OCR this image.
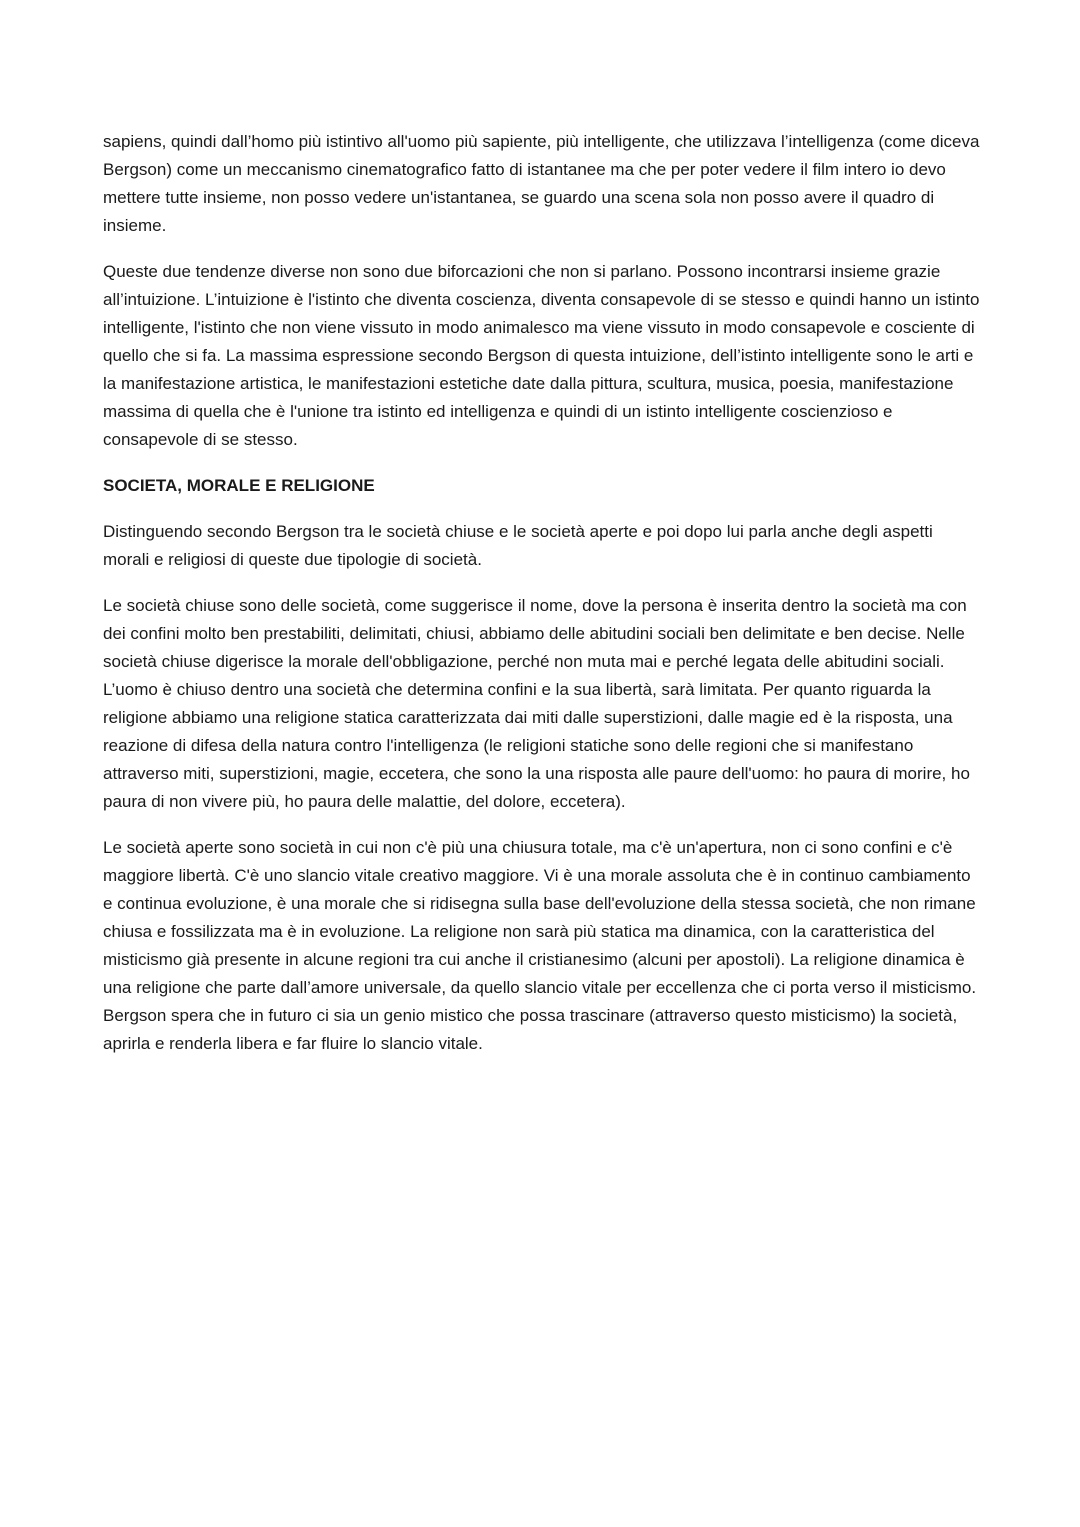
sapiens, quindi dall’homo più istintivo all'uomo più sapiente, più intelligente, che utilizzava l’intelligenza (come diceva Bergson) come un meccanismo cinematografico fatto di istantanee ma che per poter vedere il film intero io devo mettere tutte insieme, non posso vedere un'istantanea, se guardo una scena sola non posso avere il quadro di insieme.

Queste due tendenze diverse non sono due biforcazioni che non si parlano. Possono incontrarsi insieme grazie all’intuizione. L’intuizione è l'istinto che diventa coscienza, diventa consapevole di se stesso e quindi hanno un istinto intelligente, l'istinto che non viene vissuto in modo animalesco ma viene vissuto in modo consapevole e cosciente di quello che si fa. La massima espressione secondo Bergson di questa intuizione, dell’istinto intelligente sono le arti e la manifestazione artistica, le manifestazioni estetiche date dalla pittura, scultura, musica, poesia, manifestazione massima di quella che è l'unione tra istinto ed intelligenza e quindi di un istinto intelligente coscienzioso e consapevole di se stesso.

SOCIETA, MORALE E RELIGIONE

Distinguendo secondo Bergson tra le società chiuse e le società aperte e poi dopo lui parla anche degli aspetti morali e religiosi di queste due tipologie di società.

Le società chiuse sono delle società, come suggerisce il nome, dove la persona è inserita dentro la società ma con dei confini molto ben prestabiliti, delimitati, chiusi, abbiamo delle abitudini sociali ben delimitate e ben decise. Nelle società chiuse digerisce la morale dell'obbligazione, perché non muta mai e perché legata delle abitudini sociali. L’uomo è chiuso dentro una società che determina confini e la sua libertà, sarà limitata. Per quanto riguarda la religione abbiamo una religione statica caratterizzata dai miti dalle superstizioni, dalle magie ed è la risposta, una reazione di difesa della natura contro l'intelligenza (le religioni statiche sono delle regioni che si manifestano attraverso miti, superstizioni, magie, eccetera, che sono la una risposta alle paure dell'uomo: ho paura di morire, ho paura di non vivere più, ho paura delle malattie, del dolore, eccetera).

Le società aperte sono società in cui non c'è più una chiusura totale, ma c'è un'apertura, non ci sono confini e c'è maggiore libertà. C'è uno slancio vitale creativo maggiore. Vi è una morale assoluta che è in continuo cambiamento e continua evoluzione, è una morale che si ridisegna sulla base dell'evoluzione della stessa società, che non rimane chiusa e fossilizzata ma è in evoluzione. La religione non sarà più statica ma dinamica, con la caratteristica del misticismo già presente in alcune regioni tra cui anche il cristianesimo (alcuni per apostoli). La religione dinamica è una religione che parte dall’amore universale, da quello slancio vitale per eccellenza che ci porta verso il misticismo. Bergson spera che in futuro ci sia un genio mistico che possa trascinare (attraverso questo misticismo) la società, aprirla e renderla libera e far fluire lo slancio vitale.
